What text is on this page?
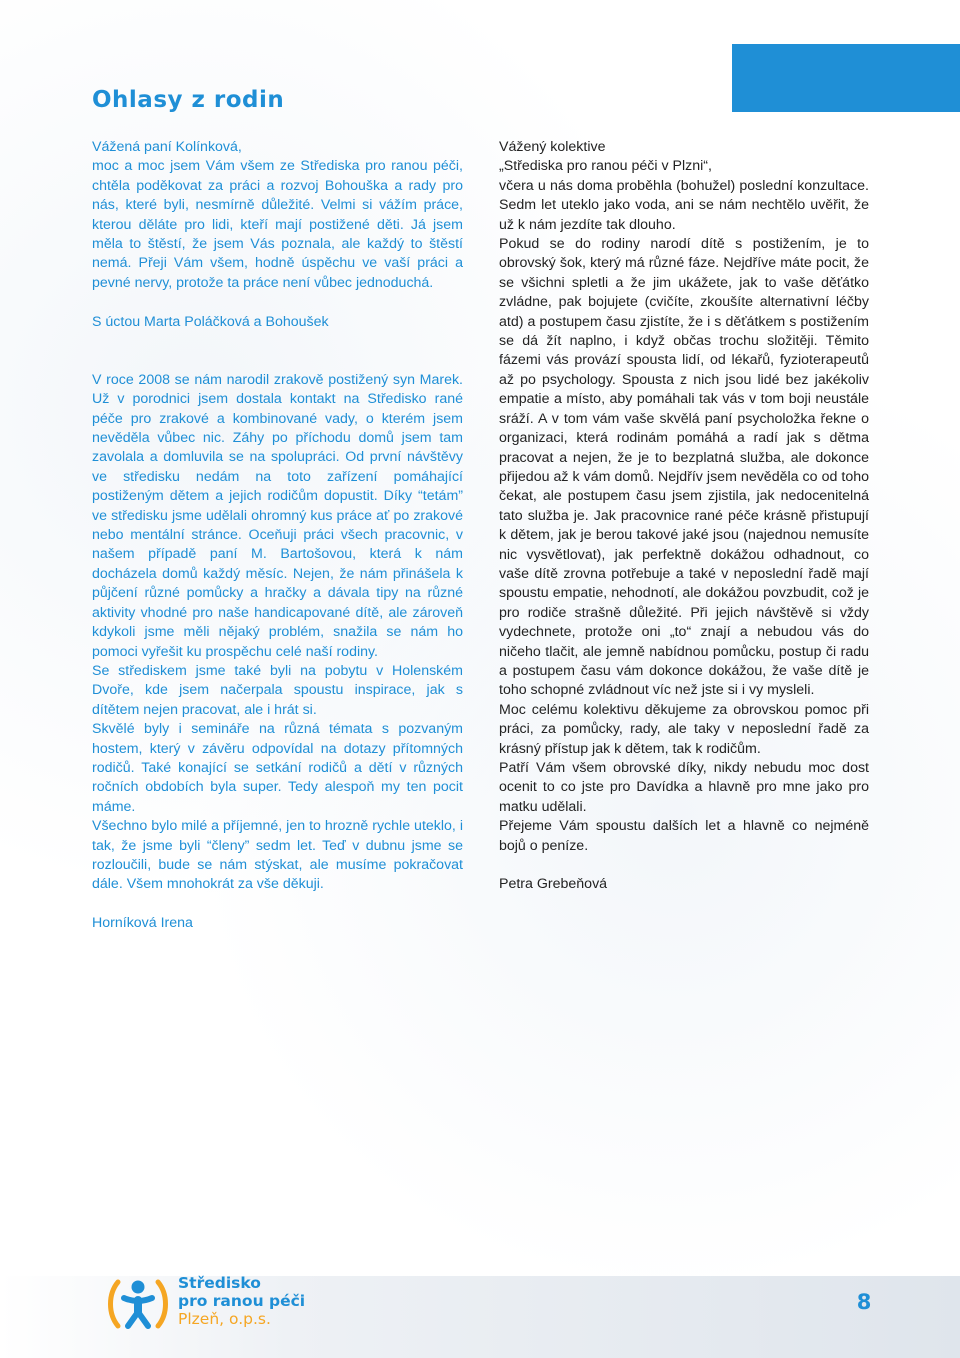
Ohlasy z rodin

Vážená paní Kolínková,
moc a moc jsem Vám všem ze Střediska pro ranou péči, chtěla poděkovat za práci a rozvoj Bohouška a rady pro nás, které byli, nesmírně důležité. Velmi si vážím práce, kterou děláte pro lidi, kteří mají postižené děti. Já jsem měla to štěstí, že jsem Vás poznala, ale každý to štěstí nemá. Přeji Vám všem, hodně úspěchu ve vaší práci a pevné nervy, protože ta práce není vůbec jednoduchá.

S úctou Marta Poláčková a Bohoušek

V roce 2008 se nám narodil zrakově postižený syn Marek. Už v porodnici jsem dostala kontakt na Středisko rané péče pro zrakové a kombinované vady, o kterém jsem nevěděla vůbec nic. Záhy po příchodu domů jsem tam zavolala a domluvila se na spolupráci. Od první návštěvy ve středisku nedám na toto zařízení pomáhající postiženým dětem a jejich rodičům dopustit. Díky “tetám” ve středisku jsme udělali ohromný kus práce ať po zrakové nebo mentální stránce. Oceňuji práci všech pracovnic, v našem případě paní M. Bartošovou, která k nám docházela domů každý měsíc. Nejen, že nám přinášela k půjčení různé pomůcky a hračky a dávala tipy na různé aktivity vhodné pro naše handicapované dítě, ale zároveň kdykoli jsme měli nějaký problém, snažila se nám ho pomoci vyřešit ku prospěchu celé naší rodiny.

Se střediskem jsme také byli na pobytu v Holenském Dvoře, kde jsem načerpala spoustu inspirace, jak s dítětem nejen pracovat, ale i hrát si.

Skvělé byly i semináře na různá témata s pozvaným hostem, který v závěru odpovídal na dotazy přítomných rodičů. Také konající se setkání rodičů a dětí v různých ročních obdobích byla super. Tedy alespoň my ten pocit máme.

Všechno bylo milé a příjemné, jen to hrozně rychle uteklo, i tak, že jsme byli “členy” sedm let. Teď v dubnu jsme se rozloučili, bude se nám stýskat, ale musíme pokračovat dále. Všem mnohokrát za vše děkuji.

Horníková Irena

Vážený kolektive
„Střediska pro ranou péči v Plzni“,
včera u nás doma proběhla (bohužel) poslední konzultace. Sedm let uteklo jako voda, ani se nám nechtělo uvěřit, že už k nám jezdíte tak dlouho.

Pokud se do rodiny narodí dítě s postižením, je to obrovský šok, který má různé fáze. Nejdříve máte pocit, že se všichni spletli a že jim ukážete, jak to vaše děťátko zvládne, pak bojujete (cvičíte, zkoušíte alternativní léčby atd) a postupem času zjistíte, že i s děťátkem s postižením se dá žít naplno, i když občas trochu složitěji. Těmito fázemi vás provází spousta lidí, od lékařů, fyzioterapeutů až po psychology. Spousta z nich jsou lidé bez jakékoliv empatie a místo, aby pomáhali tak vás v tom boji neustále sráží. A v tom vám vaše skvělá paní psycholožka řekne o organizaci, která rodinám pomáhá a radí jak s dětma pracovat a nejen, že je to bezplatná služba, ale dokonce přijedou až k vám domů. Nejdřív jsem nevěděla co od toho čekat, ale postupem času jsem zjistila, jak nedocenitelná tato služba je. Jak pracovnice rané péče krásně přistupují k dětem, jak je berou takové jaké jsou (najednou nemusíte nic vysvětlovat), jak perfektně dokážou odhadnout, co vaše dítě zrovna potřebuje a také v neposlední řadě mají spoustu empatie, nehodnotí, ale dokážou povzbudit, což je pro rodiče strašně důležité. Při jejich návštěvě si vždy vydechnete, protože oni „to“ znají a nebudou vás do ničeho tlačit, ale jemně nabídnou pomůcku, postup či radu a postupem času vám dokonce dokážou, že vaše dítě je toho schopné zvládnout víc než jste si i vy mysleli.

Moc celému kolektivu děkujeme za obrovskou pomoc při práci, za pomůcky, rady, ale taky v neposlední řadě za krásný přístup jak k dětem, tak k rodičům.

Patří Vám všem obrovské díky, nikdy nebudu moc dost ocenit to co jste pro Davídka a hlavně pro mne jako pro matku udělali.

Přejeme Vám spoustu dalších let a hlavně co nejméně bojů o peníze.

Petra Grebeňová

Středisko
pro ranou péči
Plzeň, o.p.s.
8
